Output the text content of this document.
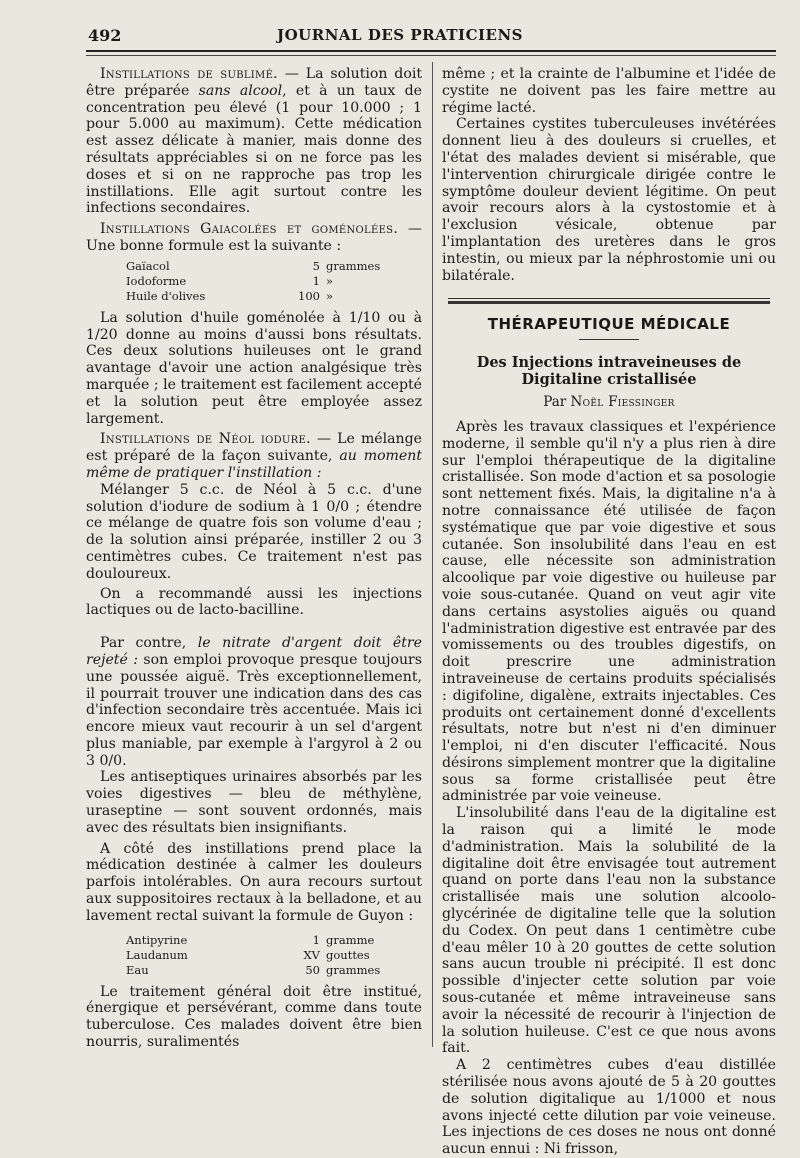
492	JOURNAL DES PRATICIENS

Instillations de sublimé. — La solution doit être préparée sans alcool, et à un taux de concentration peu élevé (1 pour 10.000 ; 1 pour 5.000 au maximum). Cette médication est assez délicate à manier, mais donne des résultats appréciables si on ne force pas les doses et si on ne rapproche pas trop les instillations. Elle agit surtout contre les infections secondaires.

Instillations Gaiacolées et goménolées. — Une bonne formule est la suivante :

Gaïacol	5	grammes
Iodoforme	1	»
Huile d'olives	100	»

La solution d'huile goménolée à 1/10 ou à 1/20 donne au moins d'aussi bons résultats. Ces deux solutions huileuses ont le grand avantage d'avoir une action analgésique très marquée ; le traitement est facilement accepté et la solution peut être employée assez largement.

Instillations de Néol iodure. — Le mélange est préparé de la façon suivante, au moment même de pratiquer l'instillation :

Mélanger 5 c.c. de Néol à 5 c.c. d'une solution d'iodure de sodium à 1 0/0 ; étendre ce mélange de quatre fois son volume d'eau ; de la solution ainsi préparée, instiller 2 ou 3 centimètres cubes. Ce traitement n'est pas douloureux.

On a recommandé aussi les injections lactiques ou de lacto-bacilline.

Par contre, le nitrate d'argent doit être rejeté : son emploi provoque presque toujours une poussée aiguë. Très exceptionnellement, il pourrait trouver une indication dans des cas d'infection secondaire très accentuée. Mais ici encore mieux vaut recourir à un sel d'argent plus maniable, par exemple à l'argyrol à 2 ou 3 0/0.

Les antiseptiques urinaires absorbés par les voies digestives — bleu de méthylène, uraseptine — sont souvent ordonnés, mais avec des résultats bien insignifiants.

A côté des instillations prend place la médication destinée à calmer les douleurs parfois intolérables. On aura recours surtout aux suppositoires rectaux à la belladone, et au lavement rectal suivant la formule de Guyon :

Antipyrine	1	gramme
Laudanum	XV	gouttes
Eau	50	grammes

Le traitement général doit être institué, énergique et persévérant, comme dans toute tuberculose. Ces malades doivent être bien nourris, suralimentés

même ; et la crainte de l'albumine et l'idée de cystite ne doivent pas les faire mettre au régime lacté.

Certaines cystites tuberculeuses invétérées donnent lieu à des douleurs si cruelles, et l'état des malades devient si misérable, que l'intervention chirurgicale dirigée contre le symptôme douleur devient légitime. On peut avoir recours alors à la cystostomie et à l'exclusion vésicale, obtenue par l'implantation des uretères dans le gros intestin, ou mieux par la néphrostomie uni ou bilatérale.

THÉRAPEUTIQUE MÉDICALE
Des Injections intraveineuses de Digitaline cristallisée
Par Noël Fiessinger

Après les travaux classiques et l'expérience moderne, il semble qu'il n'y a plus rien à dire sur l'emploi thérapeutique de la digitaline cristallisée. Son mode d'action et sa posologie sont nettement fixés. Mais, la digitaline n'a à notre connaissance été utilisée de façon systématique que par voie digestive et sous cutanée. Son insolubilité dans l'eau en est cause, elle nécessite son administration alcoolique par voie digestive ou huileuse par voie sous-cutanée. Quand on veut agir vite dans certains asystolies aiguës ou quand l'administration digestive est entravée par des vomissements ou des troubles digestifs, on doit prescrire une administration intraveineuse de certains produits spécialisés : digifoline, digalène, extraits injectables. Ces produits ont certainement donné d'excellents résultats, notre but n'est ni d'en diminuer l'emploi, ni d'en discuter l'efficacité. Nous désirons simplement montrer que la digitaline sous sa forme cristallisée peut être administrée par voie veineuse.

L'insolubilité dans l'eau de la digitaline est la raison qui a limité le mode d'administration. Mais la solubilité de la digitaline doit être envisagée tout autrement quand on porte dans l'eau non la substance cristallisée mais une solution alcoolo-glycérinée de digitaline telle que la solution du Codex. On peut dans 1 centimètre cube d'eau mêler 10 à 20 gouttes de cette solution sans aucun trouble ni précipité. Il est donc possible d'injecter cette solution par voie sous-cutanée et même intraveineuse sans avoir la nécessité de recourir à l'injection de la solution huileuse. C'est ce que nous avons fait.

A 2 centimètres cubes d'eau distillée stérilisée nous avons ajouté de 5 à 20 gouttes de solution digitalique au 1/1000 et nous avons injecté cette dilution par voie veineuse. Les injections de ces doses ne nous ont donné aucun ennui : Ni frisson,
